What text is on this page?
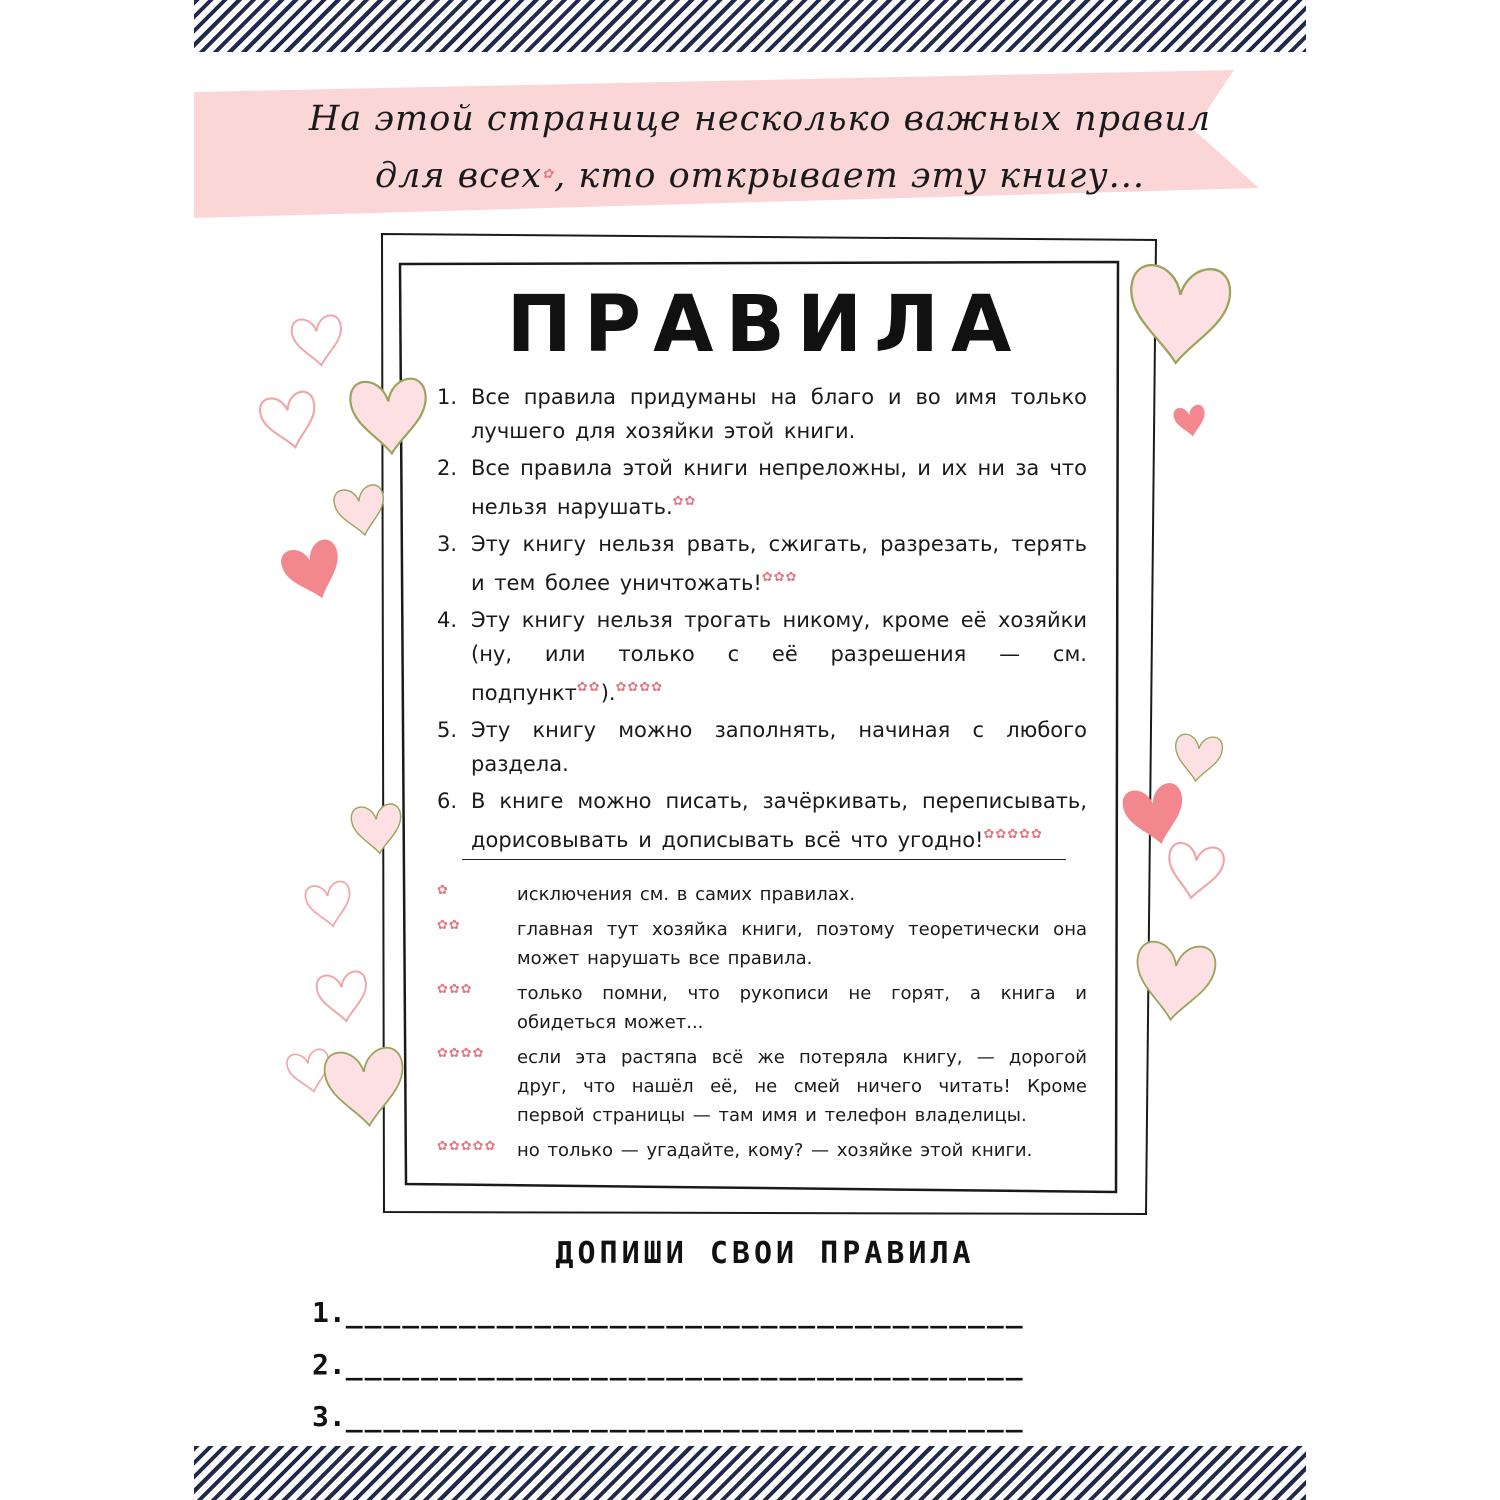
На этой странице несколько важных правил
для всех✿, кто открывает эту книгу...
ПРАВИЛА
1. Все правила придуманы на благо и во имя только лучшего для хозяйки этой книги.
2. Все правила этой книги непреложны, и их ни за что нельзя нарушать.✿✿
3. Эту книгу нельзя рвать, сжигать, разрезать, терять и тем более уничтожать!✿✿✿
4. Эту книгу нельзя трогать никому, кроме её хозяйки (ну, или только с её разрешения — см. подпункт✿✿).✿✿✿✿
5. Эту книгу можно заполнять, начиная с любого раздела.
6. В книге можно писать, зачёркивать, переписывать, дорисовывать и дописывать всё что угодно!✿✿✿✿✿
✿	исключения см. в самих правилах.
✿✿	главная тут хозяйка книги, поэтому теоретически она может нарушать все правила.
✿✿✿	только помни, что рукописи не горят, а книга и обидеться может...
✿✿✿✿	если эта растяпа всё же потеряла книгу, — дорогой друг, что нашёл её, не смей ничего читать! Кроме первой страницы — там имя и телефон владелицы.
✿✿✿✿✿	но только — угадайте, кому? — хозяйке этой книги.
ДОПИШИ СВОИ ПРАВИЛА
1.____________________________________
2.____________________________________
3.____________________________________
